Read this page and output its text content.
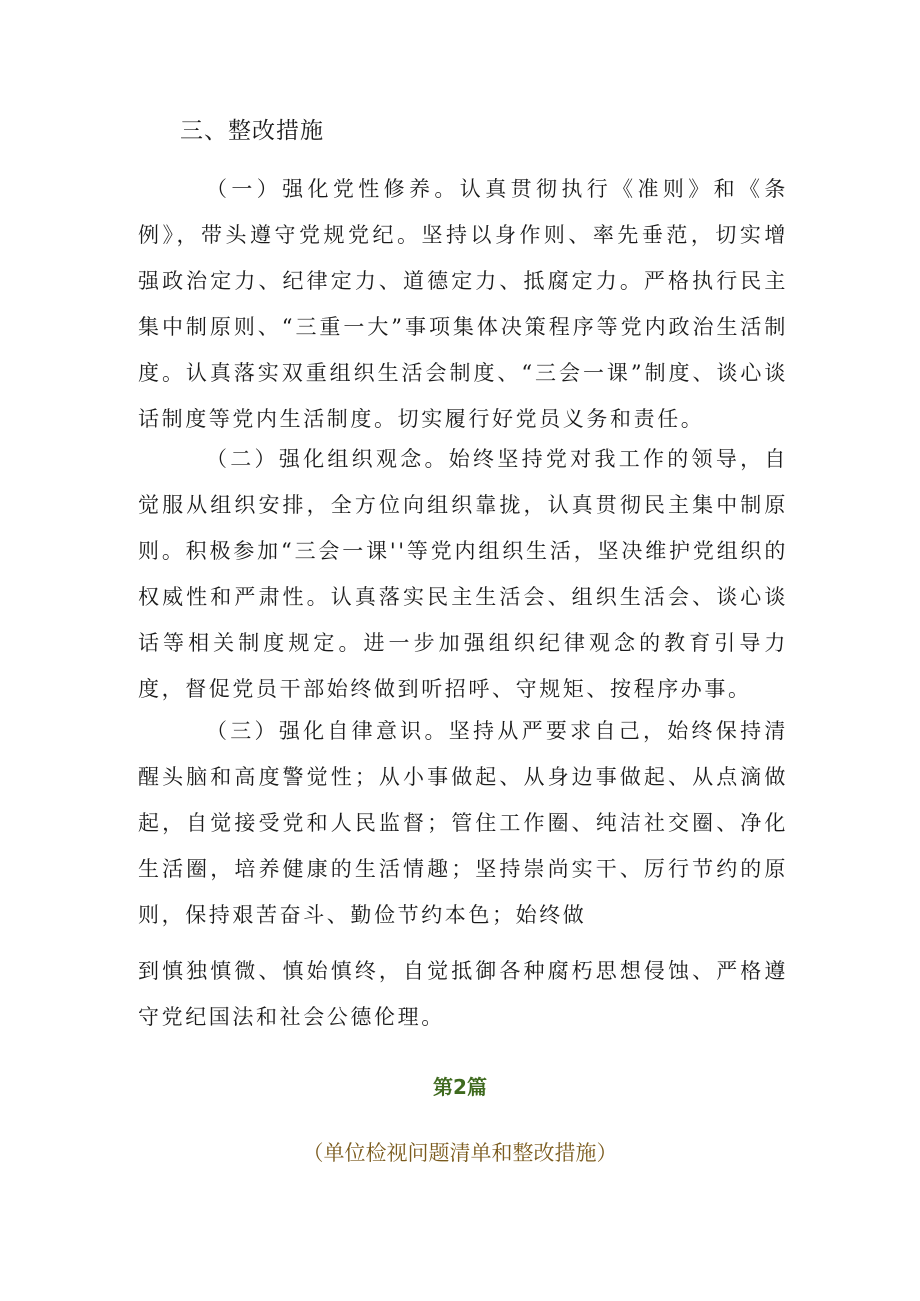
三、整改措施

（一）强化党性修养。认真贯彻执行《准则》和《条例》，带头遵守党规党纪。坚持以身作则、率先垂范，切实增强政治定力、纪律定力、道德定力、抵腐定力。严格执行民主集中制原则、“三重一大”事项集体决策程序等党内政治生活制度。认真落实双重组织生活会制度、“三会一课”制度、谈心谈话制度等党内生活制度。切实履行好党员义务和责任。

（二）强化组织观念。始终坚持党对我工作的领导，自觉服从组织安排，全方位向组织靠拢，认真贯彻民主集中制原则。积极参加“三会一课''等党内组织生活，坚决维护党组织的权威性和严肃性。认真落实民主生活会、组织生活会、谈心谈话等相关制度规定。进一步加强组织纪律观念的教育引导力度，督促党员干部始终做到听招呼、守规矩、按程序办事。

（三）强化自律意识。坚持从严要求自己，始终保持清醒头脑和高度警觉性；从小事做起、从身边事做起、从点滴做起，自觉接受党和人民监督；管住工作圈、纯洁社交圈、净化生活圈，培养健康的生活情趣；坚持崇尚实干、厉行节约的原则，保持艰苦奋斗、勤俭节约本色；始终做

到慎独慎微、慎始慎终，自觉抵御各种腐朽思想侵蚀、严格遵守党纪国法和社会公德伦理。

第2篇
（单位检视问题清单和整改措施）
